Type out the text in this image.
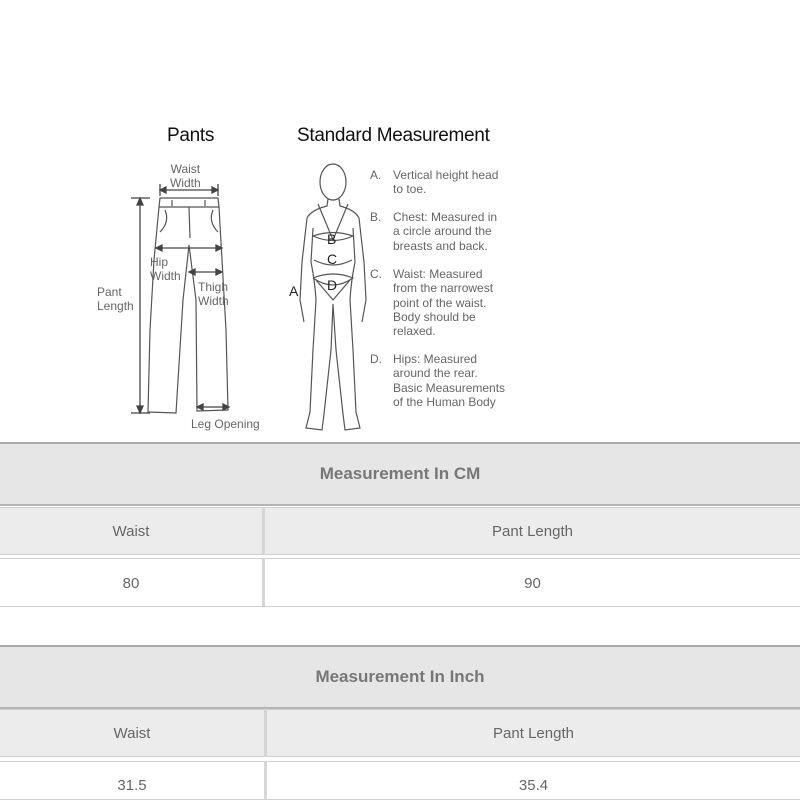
Pants	Standard Measurement
Waist
Width
Hip
Width
Thigh
Width
Pant
Length
Leg Opening
A
B
C
D
A. Vertical height head
to toe.
B. Chest: Measured in
a circle around the
breasts and back.
C. Waist: Measured
from the narrowest
point of the waist.
Body should be
relaxed.
D. Hips: Measured
around the rear.
Basic Measurements
of the Human Body
Measurement In CM
Waist	Pant Length
80	90
Measurement In Inch
Waist	Pant Length
31.5	35.4
